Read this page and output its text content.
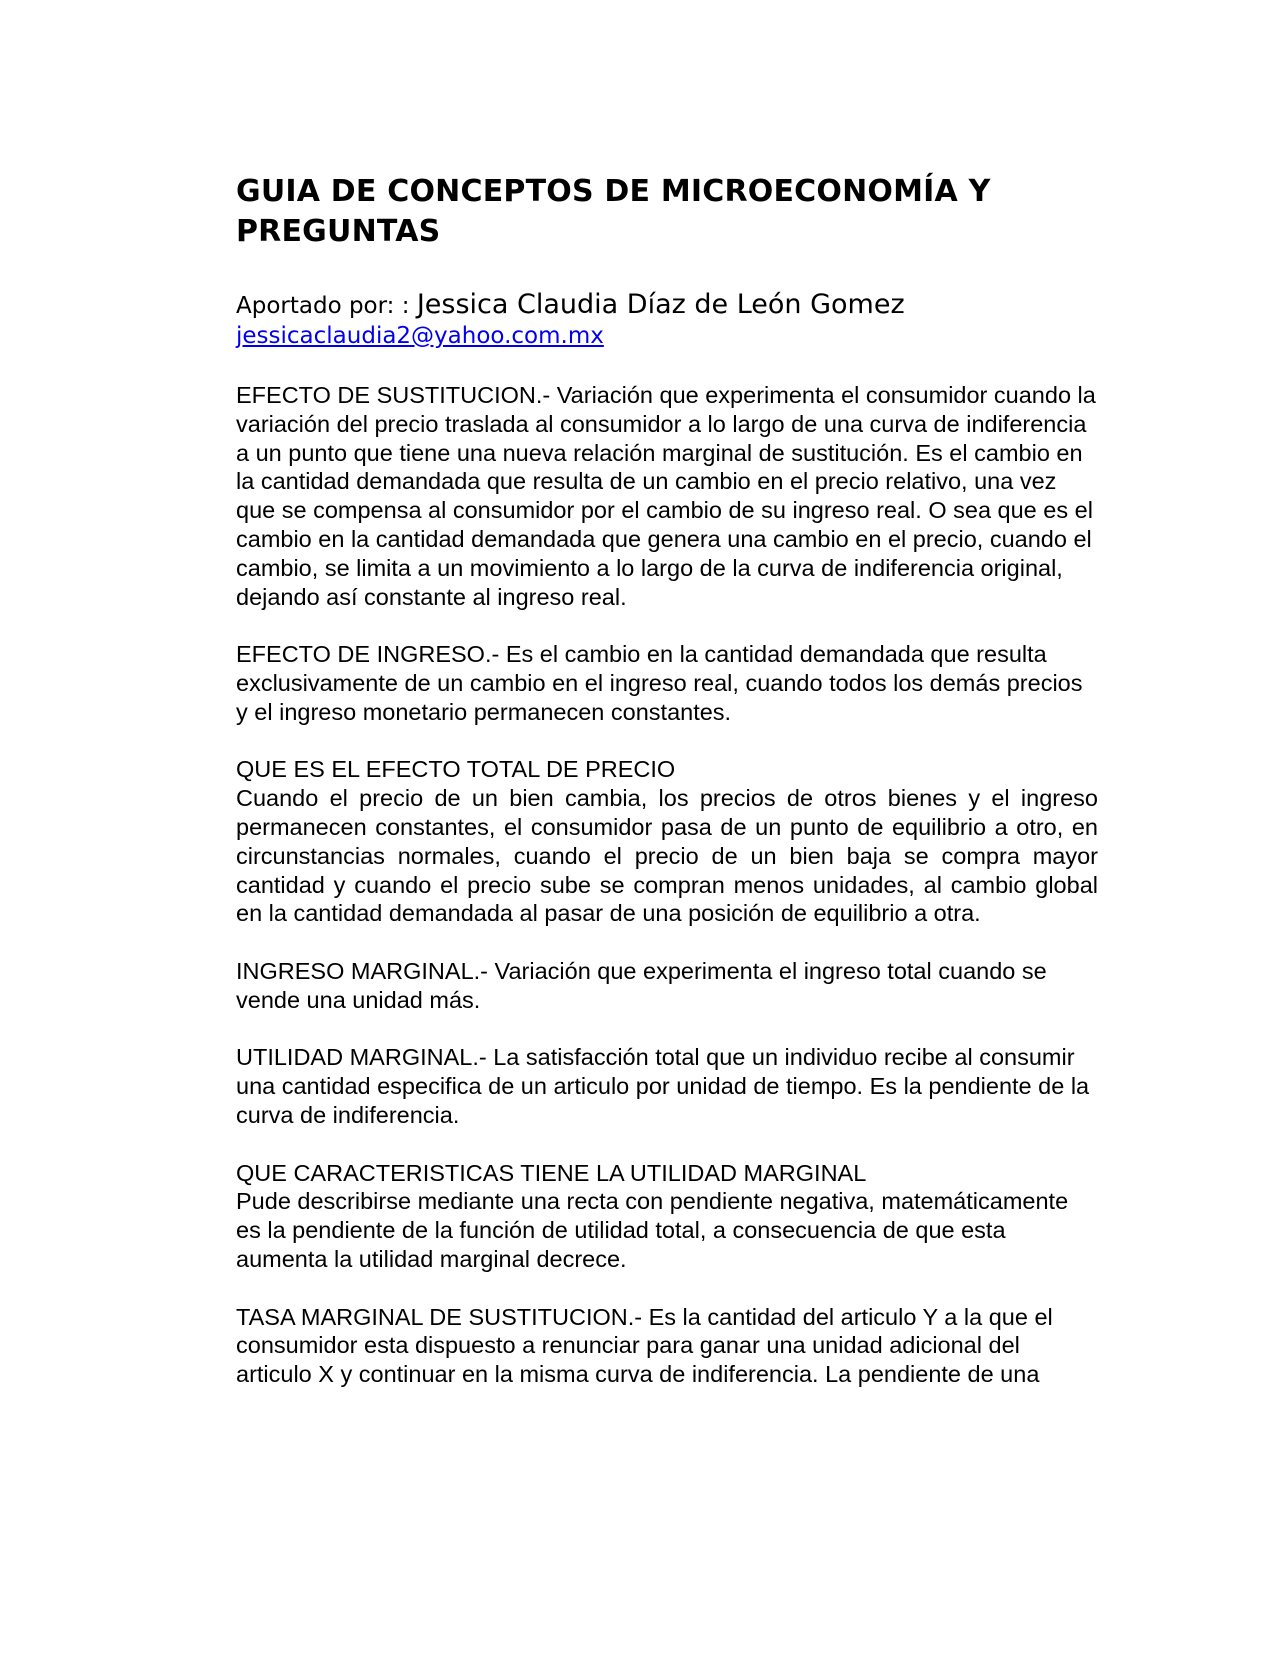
GUIA DE CONCEPTOS DE MICROECONOMÍA Y PREGUNTAS
Aportado por: : Jessica Claudia Díaz de León Gomez
jessicaclaudia2@yahoo.com.mx
EFECTO DE SUSTITUCION.- Variación que experimenta el consumidor cuando la variación del precio traslada al consumidor a lo largo de una curva de indiferencia a un punto que tiene una nueva relación marginal de sustitución. Es el cambio en la cantidad demandada que resulta de un cambio en el precio relativo, una vez que se compensa al consumidor por el cambio de su ingreso real. O sea que es el cambio en la cantidad demandada que genera una cambio en el precio, cuando el cambio, se limita a un movimiento a lo largo de la curva de indiferencia original, dejando así constante al ingreso real.
EFECTO DE INGRESO.- Es el cambio en la cantidad demandada que resulta exclusivamente de un cambio en el ingreso real, cuando todos los demás precios y el ingreso monetario permanecen constantes.
QUE ES EL EFECTO TOTAL DE PRECIO
Cuando el precio de un bien cambia, los precios de otros bienes y el ingreso permanecen constantes, el consumidor pasa de un punto de equilibrio a otro, en circunstancias normales, cuando el precio de un bien baja se compra mayor cantidad y cuando el precio sube se compran menos unidades, al cambio global en la cantidad demandada al pasar de una posición de equilibrio a otra.
INGRESO MARGINAL.- Variación que experimenta el ingreso total cuando se vende una unidad más.
UTILIDAD MARGINAL.- La satisfacción total que un individuo recibe al consumir una cantidad especifica de un articulo por unidad de tiempo. Es la pendiente de la curva de indiferencia.
QUE CARACTERISTICAS TIENE LA UTILIDAD MARGINAL
Pude describirse mediante una recta con pendiente negativa, matemáticamente es la pendiente de la función de utilidad total, a consecuencia de que esta aumenta la utilidad marginal decrece.
TASA MARGINAL DE SUSTITUCION.- Es la cantidad del articulo Y a la que el consumidor esta dispuesto a renunciar para ganar una unidad adicional del articulo X y continuar en la misma curva de indiferencia. La pendiente de una
